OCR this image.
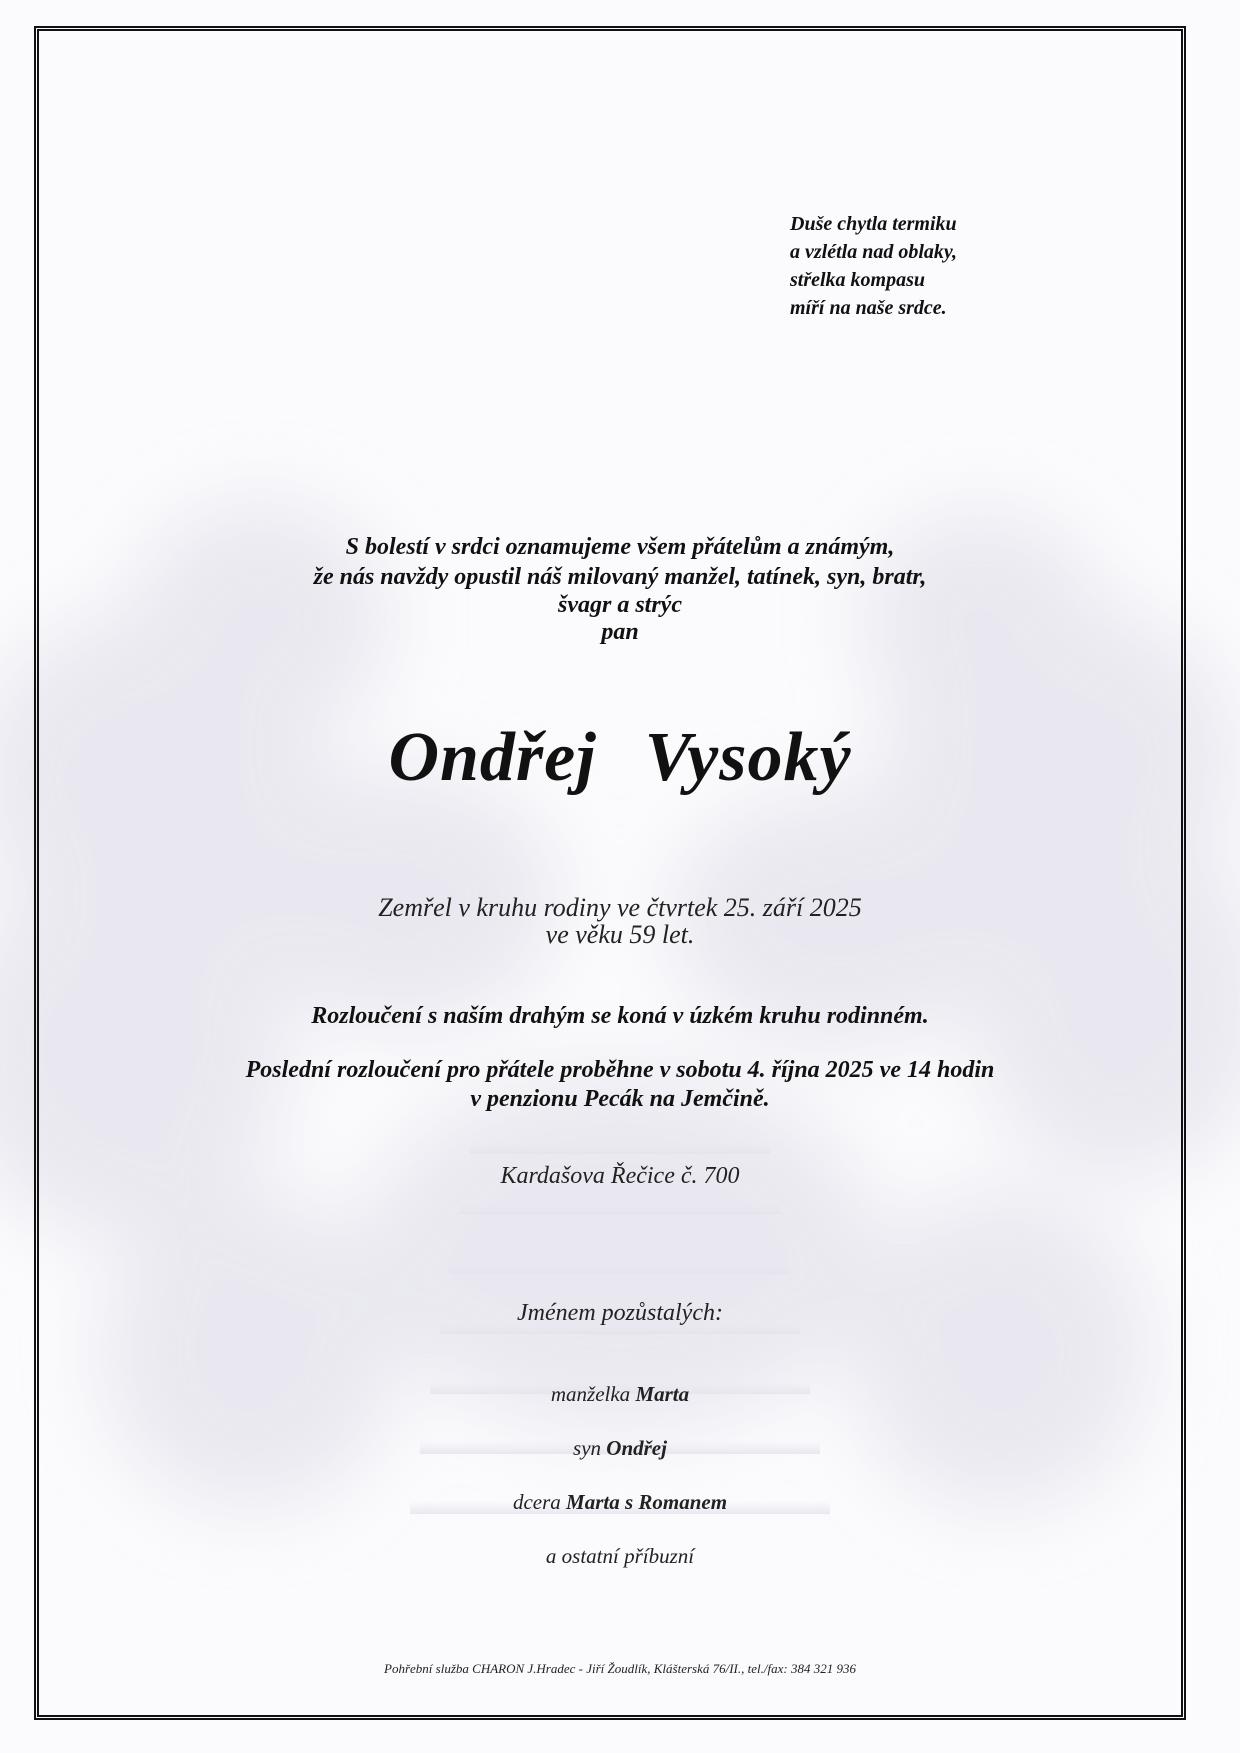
Duše chytla termiku
a vzlétla nad oblaky,
střelka kompasu
míří na naše srdce.
S bolestí v srdci oznamujeme všem přátelům a známým,
že nás navždy opustil náš milovaný manžel, tatínek, syn, bratr,
švagr a strýc
pan
Ondřej Vysoký
Zemřel v kruhu rodiny ve čtvrtek 25. září 2025
ve věku 59 let.
Rozloučení s naším drahým se koná v úzkém kruhu rodinném.
Poslední rozloučení pro přátele proběhne v sobotu 4. října 2025 ve 14 hodin
v penzionu Pecák na Jemčině.
Kardašova Řečice č. 700
Jménem pozůstalých:
manželka Marta
syn Ondřej
dcera Marta s Romanem
a ostatní příbuzní
Pohřební služba CHARON J.Hradec - Jiří Žoudlík, Klášterská 76/II., tel./fax: 384 321 936
